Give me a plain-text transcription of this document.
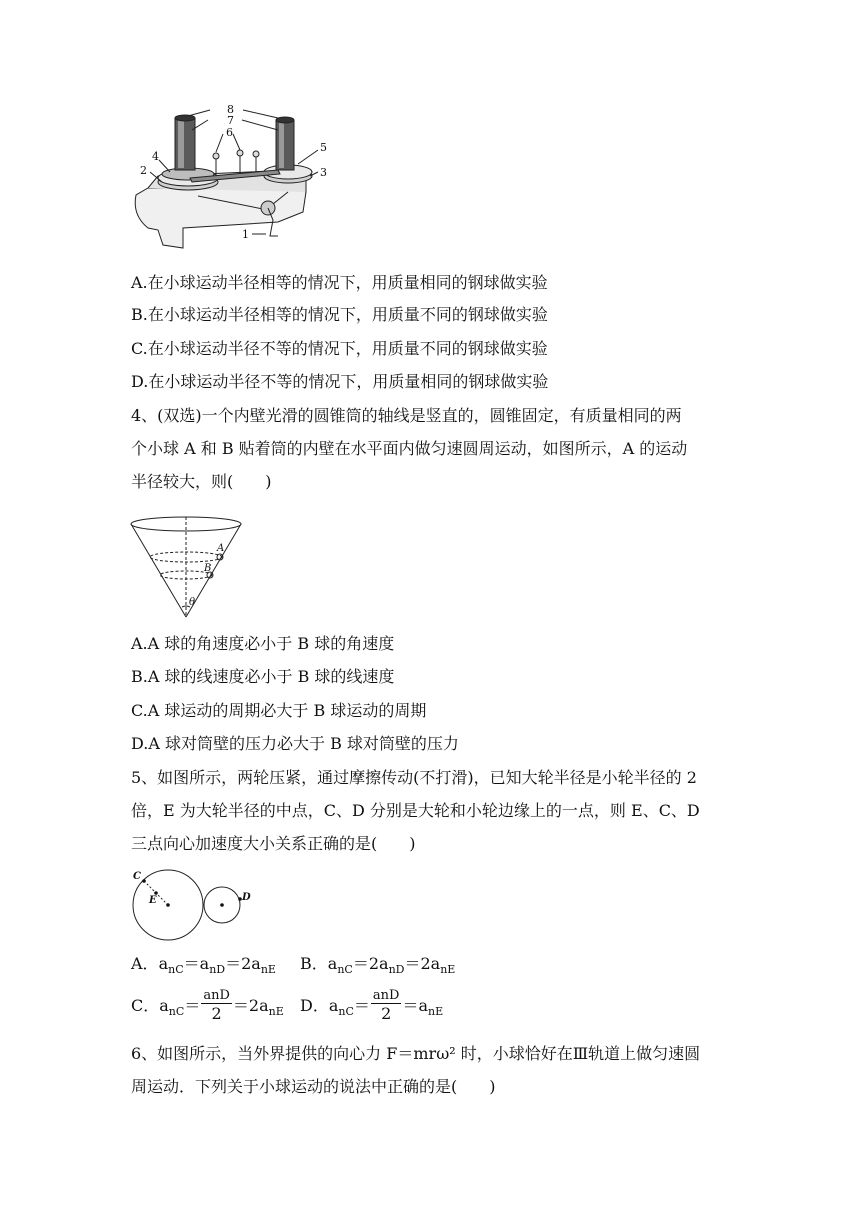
8
7
6
4
5
2	3
1
A.在小球运动半径相等的情况下，用质量相同的钢球做实验
B.在小球运动半径相等的情况下，用质量不同的钢球做实验
C.在小球运动半径不等的情况下，用质量不同的钢球做实验
D.在小球运动半径不等的情况下，用质量相同的钢球做实验
4、(双选)一个内壁光滑的圆锥筒的轴线是竖直的，圆锥固定，有质量相同的两
个小球 A 和 B 贴着筒的内壁在水平面内做匀速圆周运动，如图所示，A 的运动
半径较大，则(　　)
A
B
θ
A.A 球的角速度必小于 B 球的角速度
B.A 球的线速度必小于 B 球的线速度
C.A 球运动的周期必大于 B 球运动的周期
D.A 球对筒壁的压力必大于 B 球对筒壁的压力
5、如图所示，两轮压紧，通过摩擦传动(不打滑)，已知大轮半径是小轮半径的 2
倍，E 为大轮半径的中点，C、D 分别是大轮和小轮边缘上的一点，则 E、C、D
三点向心加速度大小关系正确的是(　　)
C
E	D
A．$a_{nC}=a_{nD}=2a_{nE}$ B．$a_{nC}=2a_{nD}=2a_{nE}$
C．$a_{nC}= \frac{\text{anD}}{2} =2a_{nE}$ D．$a_{nC}= \frac{\text{anD}}{2} =a_{nE}$
6、如图所示，当外界提供的向心力 F＝mrω² 时，小球恰好在Ⅲ轨道上做匀速圆
周运动．下列关于小球运动的说法中正确的是(　　)
